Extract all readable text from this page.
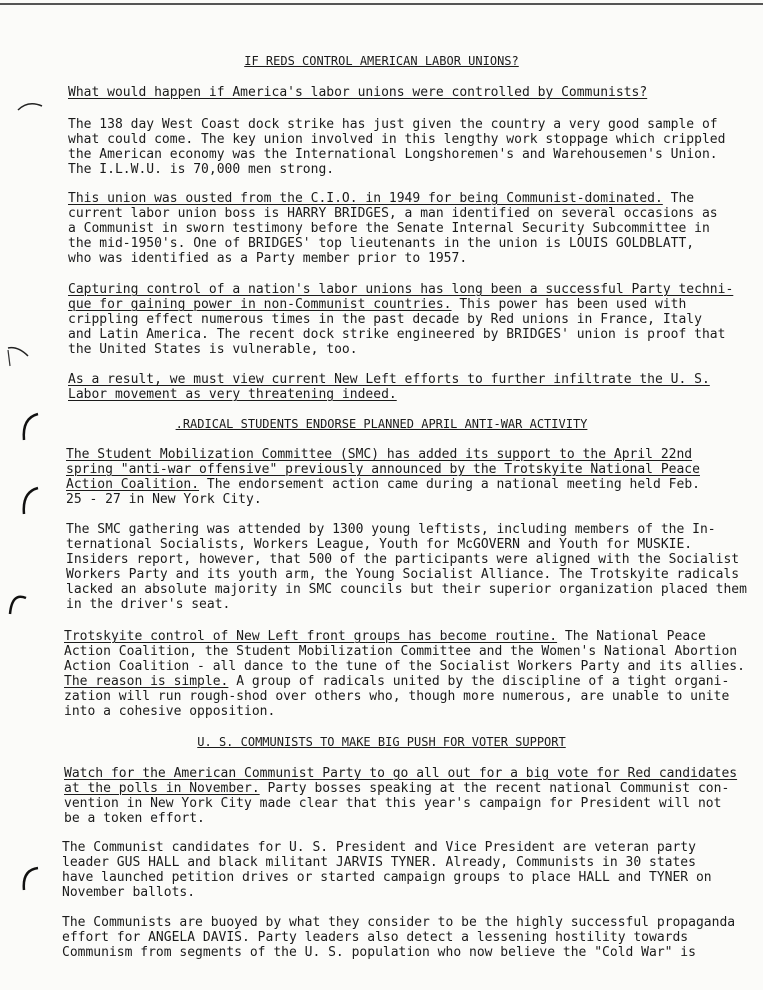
IF REDS CONTROL AMERICAN LABOR UNIONS?
What would happen if America's labor unions were controlled by Communists?
The 138 day West Coast dock strike has just given the country a very good sample of
what could come. The key union involved in this lengthy work stoppage which crippled
the American economy was the International Longshoremen's and Warehousemen's Union.
The I.L.W.U. is 70,000 men strong.
This union was ousted from the C.I.O. in 1949 for being Communist-dominated. The
current labor union boss is HARRY BRIDGES, a man identified on several occasions as
a Communist in sworn testimony before the Senate Internal Security Subcommittee in
the mid-1950's. One of BRIDGES' top lieutenants in the union is LOUIS GOLDBLATT,
who was identified as a Party member prior to 1957.
Capturing control of a nation's labor unions has long been a successful Party techni-
que for gaining power in non-Communist countries. This power has been used with
crippling effect numerous times in the past decade by Red unions in France, Italy
and Latin America. The recent dock strike engineered by BRIDGES' union is proof that
the United States is vulnerable, too.
As a result, we must view current New Left efforts to further infiltrate the U. S.
Labor movement as very threatening indeed.
.RADICAL STUDENTS ENDORSE PLANNED APRIL ANTI-WAR ACTIVITY
The Student Mobilization Committee (SMC) has added its support to the April 22nd
spring "anti-war offensive" previously announced by the Trotskyite National Peace
Action Coalition. The endorsement action came during a national meeting held Feb.
25 - 27 in New York City.
The SMC gathering was attended by 1300 young leftists, including members of the In-
ternational Socialists, Workers League, Youth for McGOVERN and Youth for MUSKIE.
Insiders report, however, that 500 of the participants were aligned with the Socialist
Workers Party and its youth arm, the Young Socialist Alliance. The Trotskyite radicals
lacked an absolute majority in SMC councils but their superior organization placed them
in the driver's seat.
Trotskyite control of New Left front groups has become routine. The National Peace
Action Coalition, the Student Mobilization Committee and the Women's National Abortion
Action Coalition - all dance to the tune of the Socialist Workers Party and its allies.
The reason is simple. A group of radicals united by the discipline of a tight organi-
zation will run rough-shod over others who, though more numerous, are unable to unite
into a cohesive opposition.
U. S. COMMUNISTS TO MAKE BIG PUSH FOR VOTER SUPPORT
Watch for the American Communist Party to go all out for a big vote for Red candidates
at the polls in November. Party bosses speaking at the recent national Communist con-
vention in New York City made clear that this year's campaign for President will not
be a token effort.
The Communist candidates for U. S. President and Vice President are veteran party
leader GUS HALL and black militant JARVIS TYNER. Already, Communists in 30 states
have launched petition drives or started campaign groups to place HALL and TYNER on
November ballots.
The Communists are buoyed by what they consider to be the highly successful propaganda
effort for ANGELA DAVIS. Party leaders also detect a lessening hostility towards
Communism from segments of the U. S. population who now believe the "Cold War" is
